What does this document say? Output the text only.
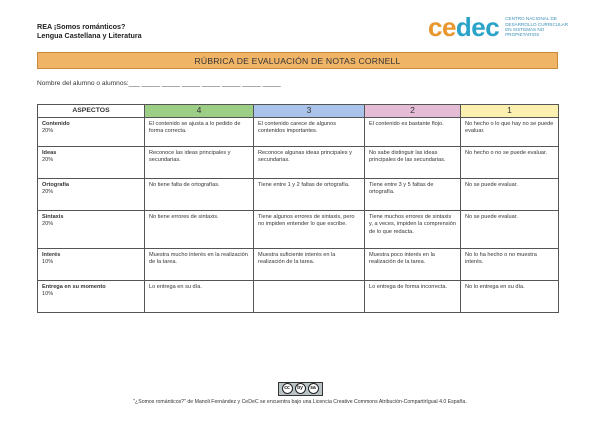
REA ¡Somos románticos?
Lengua Castellana y Literatura	cedec CENTRO NACIONAL DE
DESARROLLO CURRICULAR
EN SISTEMAS NO PROPIETARIOS
RÚBRICA DE EVALUACIÓN DE NOTAS CORNELL
Nombre del alumno o alumnos:___ _____ _____ _____ _____ _____ _____ _____
ASPECTOS	4	3	2	1

Contenido
20%	El contenido se ajusta a lo pedido de forma correcta.	El contenido carece de algunos contenidos importantes.	El contenido es bastante flojo.	No hecho o lo que hay no se puede evaluar.

Ideas
20%	Reconoce las ideas principales y secundarias.	Reconoce algunas ideas principales y secundarias.	No sabe distinguir las ideas principales de las secundarias.	No hecho o no se puede evaluar.

Ortografía
20%	No tiene falta de ortografías.	Tiene entre 1 y 2 faltas de ortografía.	Tiene entre 3 y 5 faltas de ortografía.	No se puede evaluar.

Sintaxis
20%	No tiene errores de sintaxis.	Tiene algunos errores de sintaxis, pero no impiden entender lo que escribe.	Tiene muchos errores de sintaxis y, a veces, impiden la comprensión de lo que redacta.	No se puede evaluar.

Interés
10%	Muestra mucho interés en la realización de la tarea.	Muestra suficiente interés en la realización de la tarea.	Muestra poco interés en la realización de la tarea.	No lo ha hecho o no muestra interés.

Entrega en su momento
10%	Lo entrega en su día.		Lo entrega de forma incorrecta.	No lo entrega en su día.
cc	by	sa
"¿Somos románticos?" de Manoli Fernández y CeDeC se encuentra bajo una Licencia Creative Commons Atribución-CompartirIgual 4.0 España.
